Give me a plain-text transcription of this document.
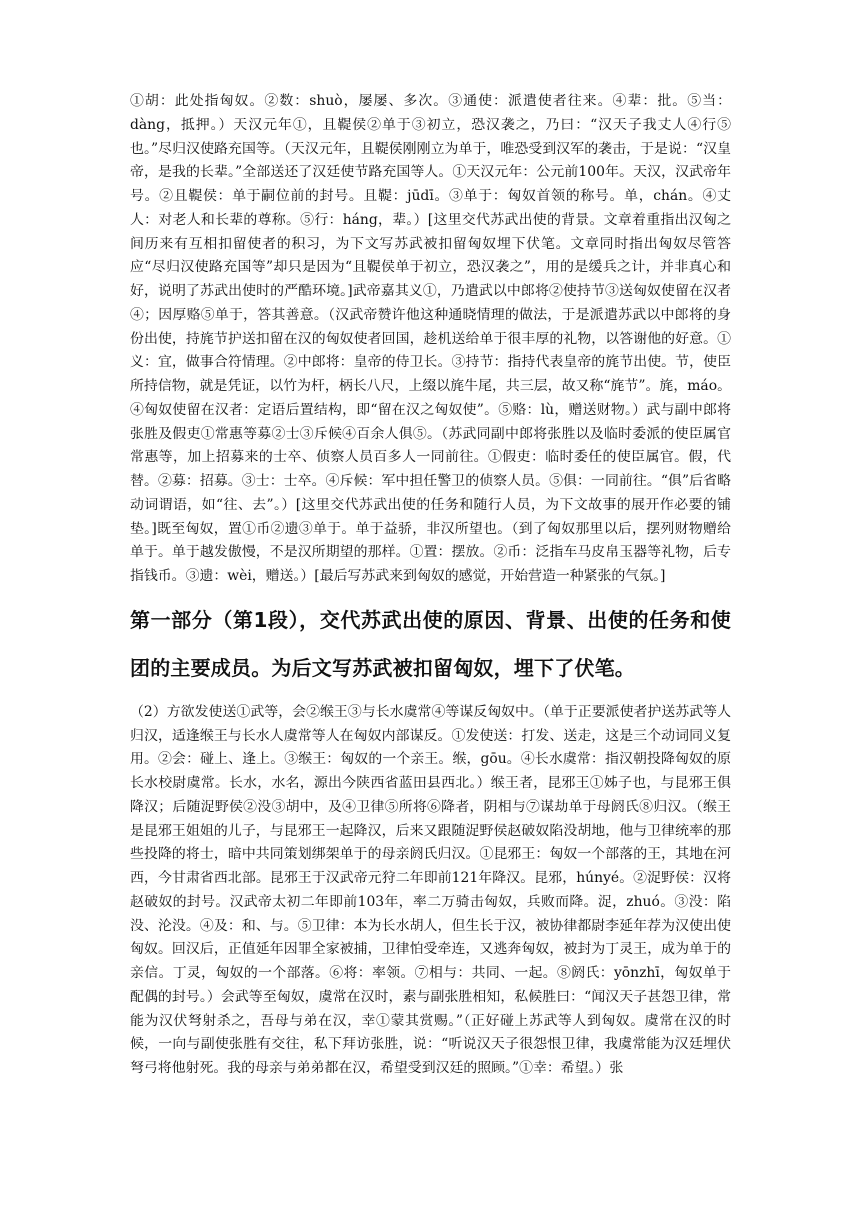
①胡：此处指匈奴。②数：shuò，屡屡、多次。③通使：派遣使者往来。④辈：批。⑤当：dàng，抵押。）天汉元年①，且鞮侯②单于③初立，恐汉袭之，乃曰：“汉天子我丈人④行⑤也。”尽归汉使路充国等。（天汉元年，且鞮侯刚刚立为单于，唯恐受到汉军的袭击，于是说：“汉皇帝，是我的长辈。”全部送还了汉廷使节路充国等人。①天汉元年：公元前100年。天汉，汉武帝年号。②且鞮侯：单于嗣位前的封号。且鞮：jūdī。③单于：匈奴首领的称号。单，chán。④丈人：对老人和长辈的尊称。⑤行：háng，辈。）[这里交代苏武出使的背景。文章着重指出汉匈之间历来有互相扣留使者的积习，为下文写苏武被扣留匈奴埋下伏笔。文章同时指出匈奴尽管答应“尽归汉使路充国等”却只是因为“且鞮侯单于初立，恐汉袭之”，用的是缓兵之计，并非真心和好，说明了苏武出使时的严酷环境。]武帝嘉其义①，乃遣武以中郎将②使持节③送匈奴使留在汉者④；因厚赂⑤单于，答其善意。（汉武帝赞许他这种通晓情理的做法，于是派遣苏武以中郎将的身份出使，持旄节护送扣留在汉的匈奴使者回国，趁机送给单于很丰厚的礼物，以答谢他的好意。①义：宜，做事合符情理。②中郎将：皇帝的侍卫长。③持节：指持代表皇帝的旄节出使。节，使臣所持信物，就是凭证，以竹为杆，柄长八尺，上缀以旄牛尾，共三层，故又称“旄节”。旄，máo。④匈奴使留在汉者：定语后置结构，即“留在汉之匈奴使”。⑤赂：lù，赠送财物。）武与副中郎将张胜及假吏①常惠等募②士③斥候④百余人俱⑤。（苏武同副中郎将张胜以及临时委派的使臣属官常惠等，加上招募来的士卒、侦察人员百多人一同前往。①假吏：临时委任的使臣属官。假，代替。②募：招募。③士：士卒。④斥候：军中担任警卫的侦察人员。⑤俱：一同前往。“俱”后省略动词谓语，如“往、去”。）[这里交代苏武出使的任务和随行人员，为下文故事的展开作必要的铺垫。]既至匈奴，置①币②遗③单于。单于益骄，非汉所望也。（到了匈奴那里以后，摆列财物赠给单于。单于越发傲慢，不是汉所期望的那样。①置：摆放。②币：泛指车马皮帛玉器等礼物，后专指钱币。③遗：wèi，赠送。）[最后写苏武来到匈奴的感觉，开始营造一种紧张的气氛。]

第一部分（第1段），交代苏武出使的原因、背景、出使的任务和使团的主要成员。为后文写苏武被扣留匈奴，埋下了伏笔。

（2）方欲发使送①武等，会②缑王③与长水虞常④等谋反匈奴中。（单于正要派使者护送苏武等人归汉，适逢缑王与长水人虞常等人在匈奴内部谋反。①发使送：打发、送走，这是三个动词同义复用。②会：碰上、逢上。③缑王：匈奴的一个亲王。缑，gōu。④长水虞常：指汉朝投降匈奴的原长水校尉虞常。长水，水名，源出今陕西省蓝田县西北。）缑王者，昆邪王①姊子也，与昆邪王俱降汉；后随浞野侯②没③胡中，及④卫律⑤所将⑥降者，阴相与⑦谋劫单于母阏氏⑧归汉。（缑王是昆邪王姐姐的儿子，与昆邪王一起降汉，后来又跟随浞野侯赵破奴陷没胡地，他与卫律统率的那些投降的将士，暗中共同策划绑架单于的母亲阏氏归汉。①昆邪王：匈奴一个部落的王，其地在河西，今甘肃省西北部。昆邪王于汉武帝元狩二年即前121年降汉。昆邪，húnyé。②浞野侯：汉将赵破奴的封号。汉武帝太初二年即前103年，率二万骑击匈奴，兵败而降。浞，zhuó。③没：陷没、沦没。④及：和、与。⑤卫律：本为长水胡人，但生长于汉，被协律都尉李延年荐为汉使出使匈奴。回汉后，正值延年因罪全家被捕，卫律怕受牵连，又逃奔匈奴，被封为丁灵王，成为单于的亲信。丁灵，匈奴的一个部落。⑥将：率领。⑦相与：共同、一起。⑧阏氏：yōnzhī，匈奴单于配偶的封号。）会武等至匈奴，虞常在汉时，素与副张胜相知，私候胜曰：“闻汉天子甚怨卫律，常能为汉伏弩射杀之，吾母与弟在汉，幸①蒙其赏赐。”（正好碰上苏武等人到匈奴。虞常在汉的时候，一向与副使张胜有交往，私下拜访张胜，说：“听说汉天子很怨恨卫律，我虞常能为汉廷埋伏弩弓将他射死。我的母亲与弟弟都在汉，希望受到汉廷的照顾。”①幸：希望。）张
